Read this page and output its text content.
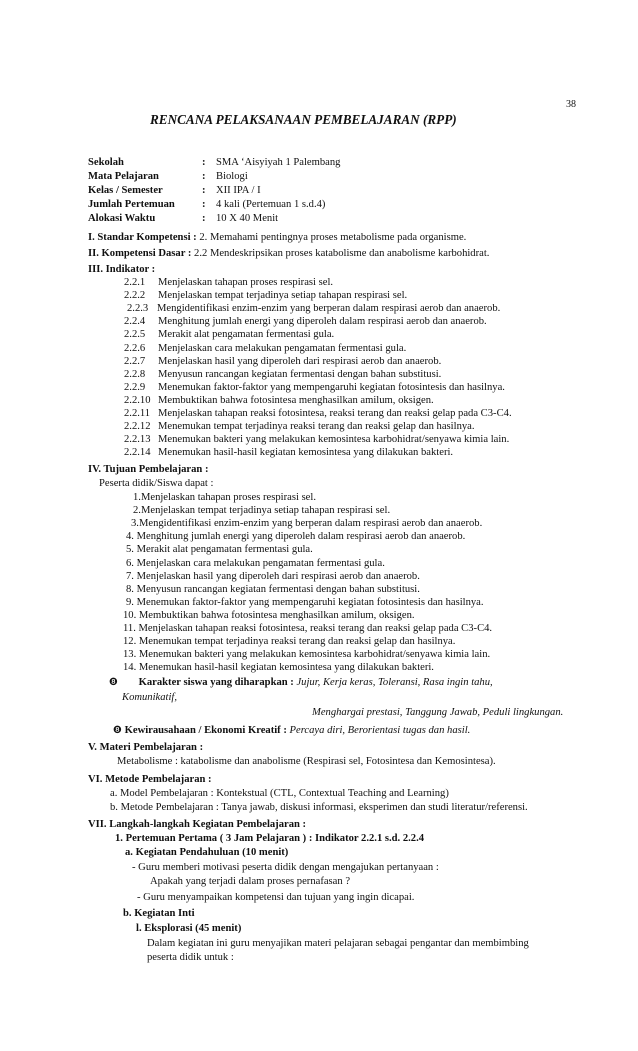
38
RENCANA PELAKSANAAN PEMBELAJARAN (RPP)
Sekolah	: SMA ‘Aisyiyah 1 Palembang
Mata Pelajaran	: Biologi
Kelas / Semester	: XII IPA / I
Jumlah Pertemuan	: 4 kali (Pertemuan 1 s.d.4)
Alokasi Waktu	: 10 X 40 Menit
I. Standar Kompetensi : 2. Memahami pentingnya proses metabolisme pada organisme.
II. Kompetensi Dasar : 2.2 Mendeskripsikan proses katabolisme dan anabolisme karbohidrat.
III. Indikator :
2.2.1 Menjelaskan tahapan proses respirasi sel.
2.2.2 Menjelaskan tempat terjadinya setiap tahapan respirasi sel.
2.2.3 Mengidentifikasi enzim-enzim yang berperan dalam respirasi aerob dan anaerob.
2.2.4 Menghitung jumlah energi yang diperoleh dalam respirasi aerob dan anaerob.
2.2.5 Merakit alat pengamatan fermentasi gula.
2.2.6 Menjelaskan cara melakukan pengamatan fermentasi gula.
2.2.7 Menjelaskan hasil yang diperoleh dari respirasi aerob dan anaerob.
2.2.8 Menyusun rancangan kegiatan fermentasi dengan bahan substitusi.
2.2.9 Menemukan faktor-faktor yang mempengaruhi kegiatan fotosintesis dan hasilnya.
2.2.10 Membuktikan bahwa fotosintesa menghasilkan amilum, oksigen.
2.2.11 Menjelaskan tahapan reaksi fotosintesa, reaksi terang dan reaksi gelap pada C3-C4.
2.2.12 Menemukan tempat terjadinya reaksi terang dan reaksi gelap dan hasilnya.
2.2.13 Menemukan bakteri yang melakukan kemosintesa karbohidrat/senyawa kimia lain.
2.2.14 Menemukan hasil-hasil kegiatan kemosintesa yang dilakukan bakteri.
IV. Tujuan Pembelajaran :
Peserta didik/Siswa dapat :
1.Menjelaskan tahapan proses respirasi sel.
2.Menjelaskan tempat terjadinya setiap tahapan respirasi sel.
3.Mengidentifikasi enzim-enzim yang berperan dalam respirasi aerob dan anaerob.
4. Menghitung jumlah energi yang diperoleh dalam respirasi aerob dan anaerob.
5. Merakit alat pengamatan fermentasi gula.
6. Menjelaskan cara melakukan pengamatan fermentasi gula.
7. Menjelaskan hasil yang diperoleh dari respirasi aerob dan anaerob.
8. Menyusun rancangan kegiatan fermentasi dengan bahan substitusi.
9. Menemukan faktor-faktor yang mempengaruhi kegiatan fotosintesis dan hasilnya.
10. Membuktikan bahwa fotosintesa menghasilkan amilum, oksigen.
11. Menjelaskan tahapan reaksi fotosintesa, reaksi terang dan reaksi gelap pada C3-C4.
12. Menemukan tempat terjadinya reaksi terang dan reaksi gelap dan hasilnya.
13. Menemukan bakteri yang melakukan kemosintesa karbohidrat/senyawa kimia lain.
14. Menemukan hasil-hasil kegiatan kemosintesa yang dilakukan bakteri.
❽ Karakter siswa yang diharapkan : Jujur, Kerja keras, Toleransi, Rasa ingin tahu,
Komunikatif,
Menghargai prestasi, Tanggung Jawab, Peduli lingkungan.
❽ Kewirausahaan / Ekonomi Kreatif : Percaya diri, Berorientasi tugas dan hasil.
V. Materi Pembelajaran :
Metabolisme : katabolisme dan anabolisme (Respirasi sel, Fotosintesa dan Kemosintesa).
VI. Metode Pembelajaran :
a. Model Pembelajaran : Kontekstual (CTL, Contextual Teaching and Learning)
b. Metode Pembelajaran : Tanya jawab, diskusi informasi, eksperimen dan studi literatur/referensi.
VII. Langkah-langkah Kegiatan Pembelajaran :
1. Pertemuan Pertama ( 3 Jam Pelajaran ) : Indikator 2.2.1 s.d. 2.2.4
a. Kegiatan Pendahuluan (10 menit)
- Guru memberi motivasi peserta didik dengan mengajukan pertanyaan :
Apakah yang terjadi dalam proses pernafasan ?
- Guru menyampaikan kompetensi dan tujuan yang ingin dicapai.
b. Kegiatan Inti
l. Eksplorasi (45 menit)
Dalam kegiatan ini guru menyajikan materi pelajaran sebagai pengantar dan membimbing
peserta didik untuk :
